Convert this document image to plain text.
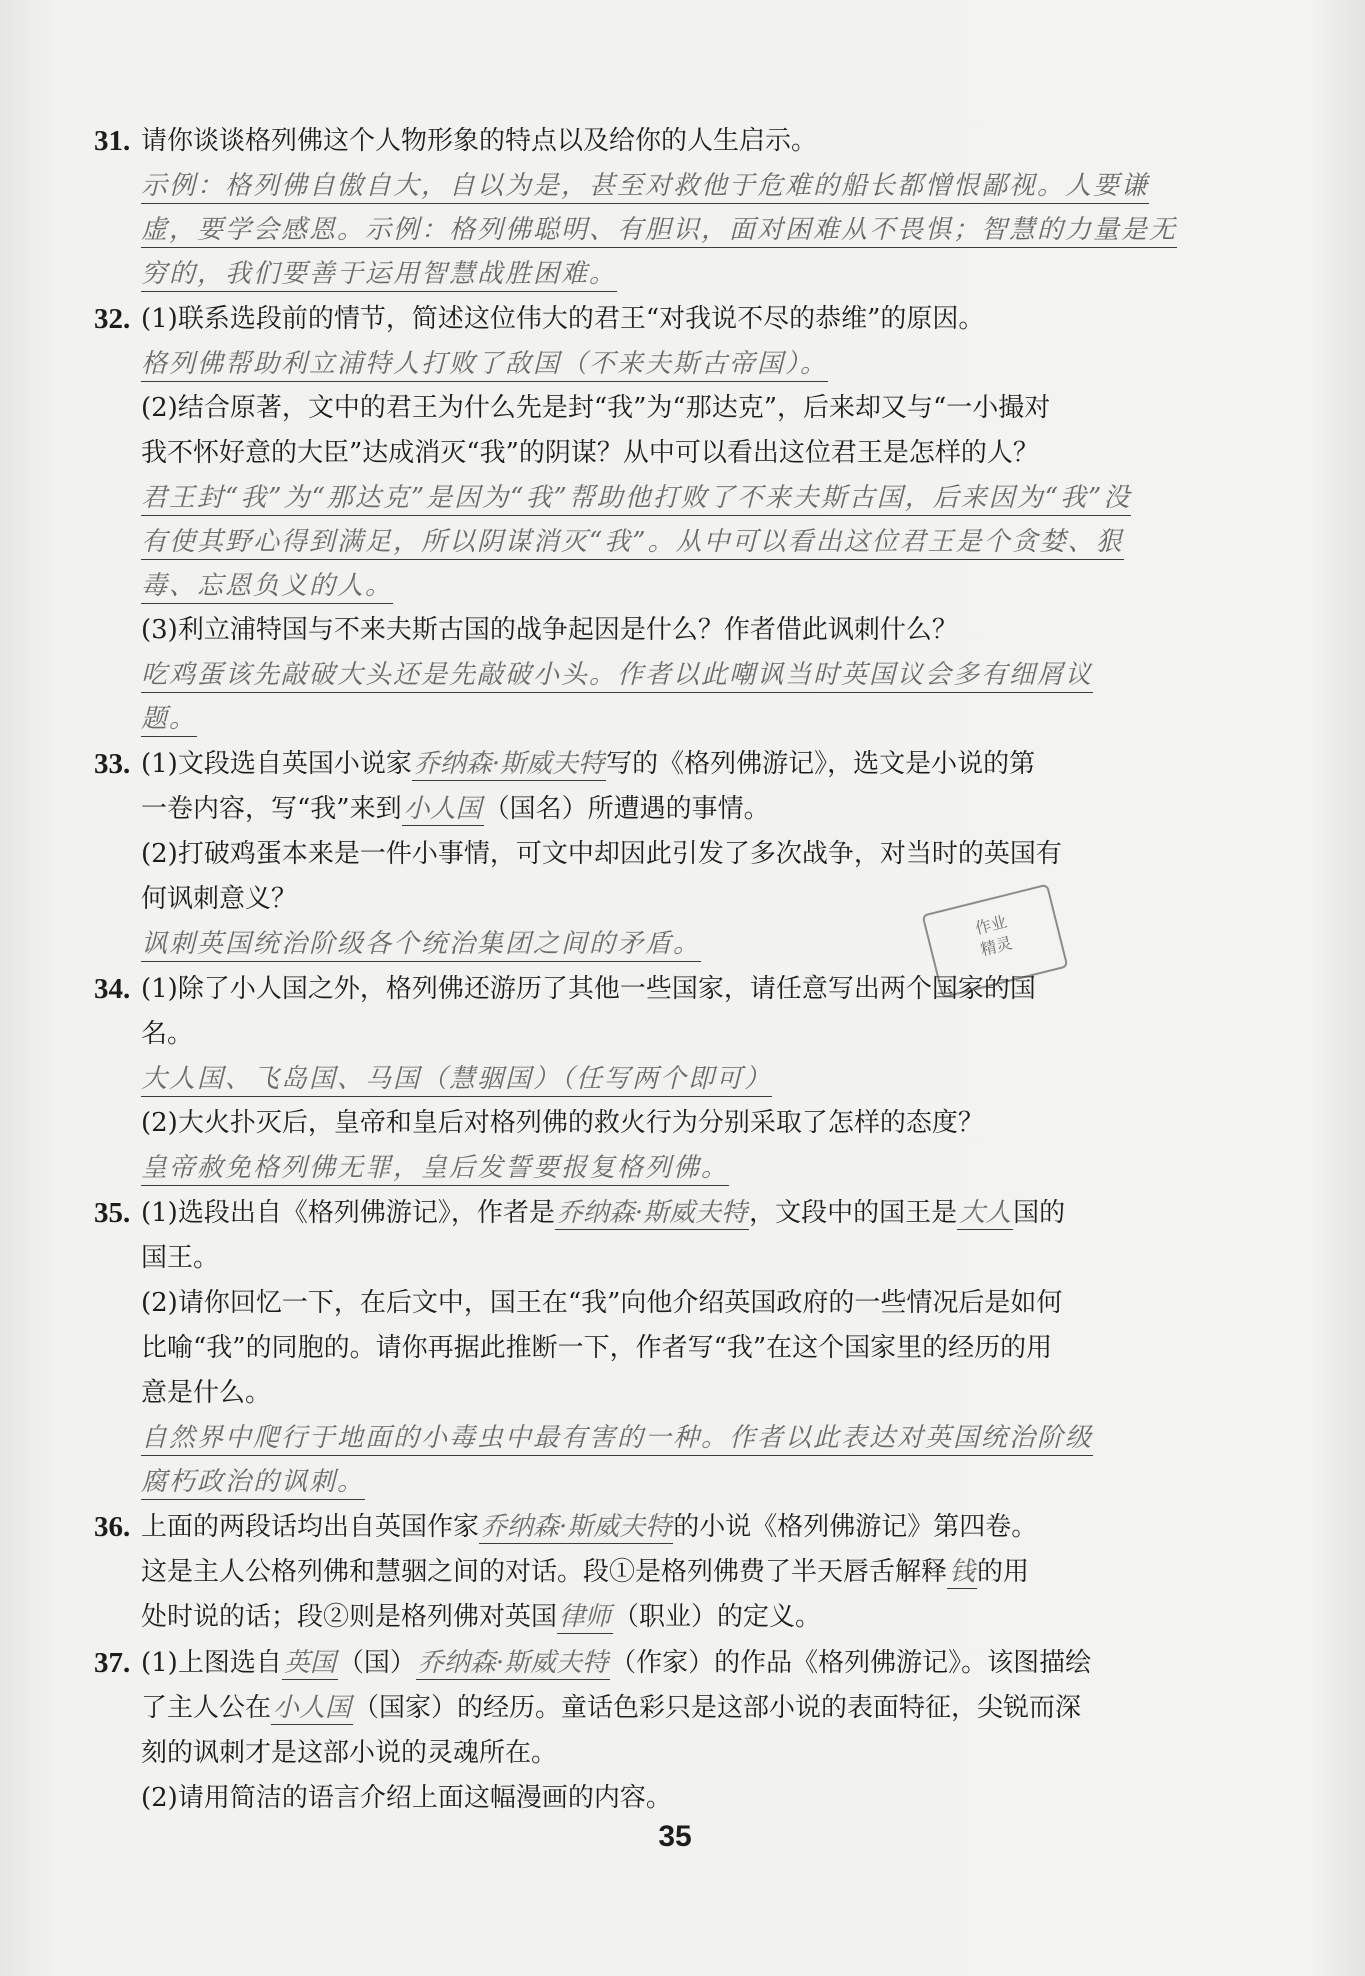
作业
精灵
31. 请你谈谈格列佛这个人物形象的特点以及给你的人生启示。
示例：格列佛自傲自大，自以为是，甚至对救他于危难的船长都憎恨鄙视。人要谦
虚，要学会感恩。示例：格列佛聪明、有胆识，面对困难从不畏惧；智慧的力量是无
穷的，我们要善于运用智慧战胜困难。
32. (1)联系选段前的情节，简述这位伟大的君王“对我说不尽的恭维”的原因。
格列佛帮助利立浦特人打败了敌国（不来夫斯古帝国）。
(2)结合原著，文中的君王为什么先是封“我”为“那达克”，后来却又与“一小撮对
我不怀好意的大臣”达成消灭“我”的阴谋？从中可以看出这位君王是怎样的人？
君王封“我”为“那达克”是因为“我”帮助他打败了不来夫斯古国，后来因为“我”没
有使其野心得到满足，所以阴谋消灭“我”。从中可以看出这位君王是个贪婪、狠
毒、忘恩负义的人。
(3)利立浦特国与不来夫斯古国的战争起因是什么？作者借此讽刺什么？
吃鸡蛋该先敲破大头还是先敲破小头。作者以此嘲讽当时英国议会多有细屑议
题。
33. (1)文段选自英国小说家乔纳森·斯威夫特写的《格列佛游记》，选文是小说的第
一卷内容，写“我”来到小人国（国名）所遭遇的事情。
(2)打破鸡蛋本来是一件小事情，可文中却因此引发了多次战争，对当时的英国有
何讽刺意义？
讽刺英国统治阶级各个统治集团之间的矛盾。
34. (1)除了小人国之外，格列佛还游历了其他一些国家，请任意写出两个国家的国
名。
大人国、飞岛国、马国（慧骃国）（任写两个即可）
(2)大火扑灭后，皇帝和皇后对格列佛的救火行为分别采取了怎样的态度？
皇帝赦免格列佛无罪，皇后发誓要报复格列佛。
35. (1)选段出自《格列佛游记》，作者是乔纳森·斯威夫特，文段中的国王是大人国的
国王。
(2)请你回忆一下，在后文中，国王在“我”向他介绍英国政府的一些情况后是如何
比喻“我”的同胞的。请你再据此推断一下，作者写“我”在这个国家里的经历的用
意是什么。
自然界中爬行于地面的小毒虫中最有害的一种。作者以此表达对英国统治阶级
腐朽政治的讽刺。
36. 上面的两段话均出自英国作家乔纳森·斯威夫特的小说《格列佛游记》第四卷。
这是主人公格列佛和慧骃之间的对话。段①是格列佛费了半天唇舌解释钱的用
处时说的话；段②则是格列佛对英国律师（职业）的定义。
37. (1)上图选自英国（国）乔纳森·斯威夫特（作家）的作品《格列佛游记》。该图描绘
了主人公在小人国（国家）的经历。童话色彩只是这部小说的表面特征，尖锐而深
刻的讽刺才是这部小说的灵魂所在。
(2)请用简洁的语言介绍上面这幅漫画的内容。
35
